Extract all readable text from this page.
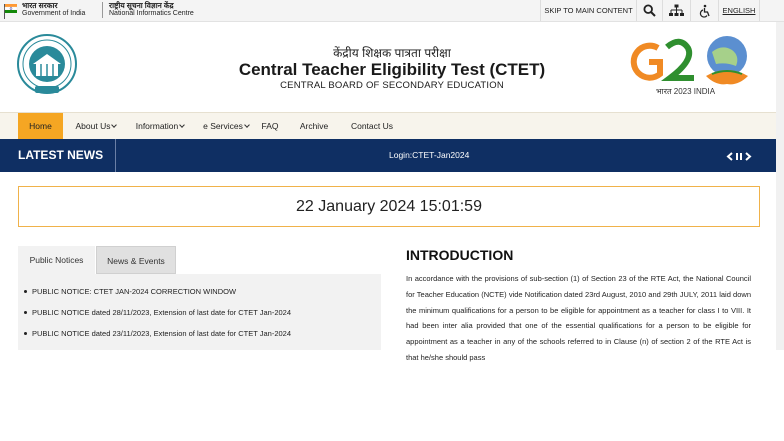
भारत सरकार
Government of India
राष्ट्रीय सूचना विज्ञान केंद्र
National Informatics Centre	SKIP TO MAIN CONTENT	ENGLISH
केंद्रीय शिक्षक पात्रता परीक्षा
Central Teacher Eligibility Test (CTET)
CENTRAL BOARD OF SECONDARY EDUCATION
भारत 2023 INDIA
Home	About Us	Information	e Services	FAQ	Archive	Contact Us
LATEST NEWS	Login:CTET-Jan2024
22 January 2024 15:01:59
Public Notices	News & Events
PUBLIC NOTICE: CTET JAN-2024 CORRECTION WINDOW
PUBLIC NOTICE dated 28/11/2023, Extension of last date for CTET Jan-2024
PUBLIC NOTICE dated 23/11/2023, Extension of last date for CTET Jan-2024
INTRODUCTION
In accordance with the provisions of sub-section (1) of Section 23 of the RTE Act, the National Council for Teacher Education (NCTE) vide Notification dated 23rd August, 2010 and 29th JULY, 2011 laid down the minimum qualifications for a person to be eligible for appointment as a teacher for class I to VIII. It had been inter alia provided that one of the essential qualifications for a person to be eligible for appointment as a teacher in any of the schools referred to in Clause (n) of section 2 of the RTE Act is that he/she should pass
